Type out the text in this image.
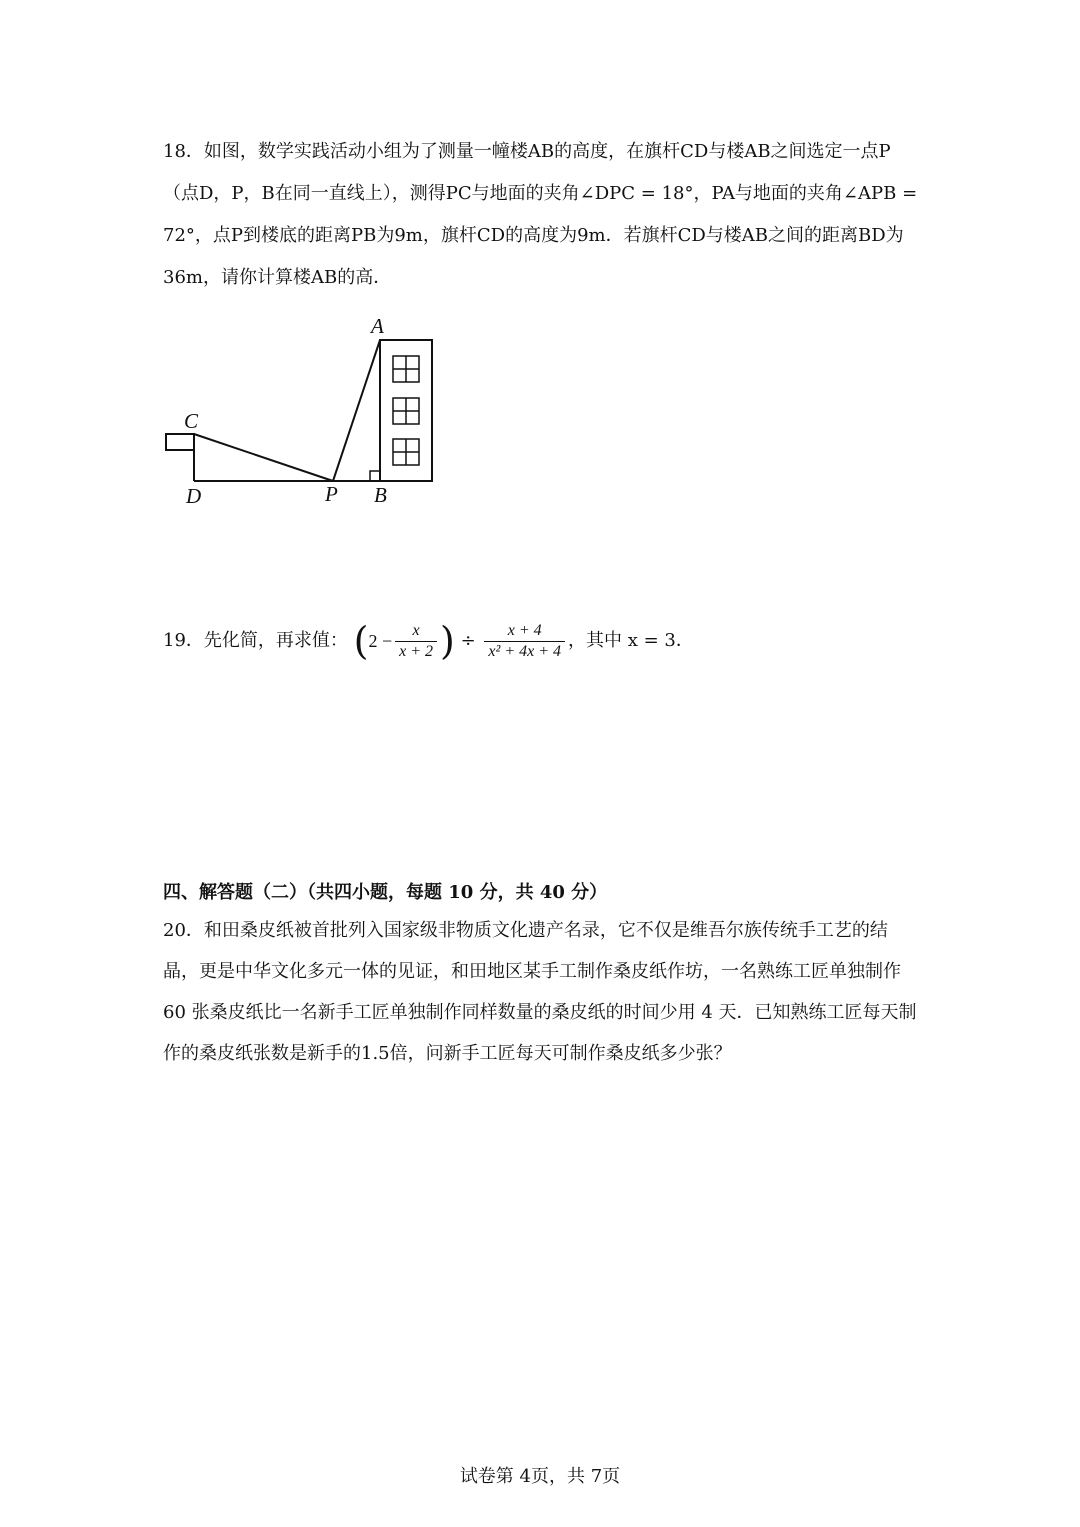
18．如图，数学实践活动小组为了测量一幢楼AB的高度，在旗杆CD与楼AB之间选定一点P（点D，P，B在同一直线上），测得PC与地面的夹角∠DPC = 18°，PA与地面的夹角∠APB = 72°，点P到楼底的距离PB为9m，旗杆CD的高度为9m．若旗杆CD与楼AB之间的距离BD为36m，请你计算楼AB的高．

A
C
D	P B

19．先化简，再求值： ($2 - \frac{x}{x + 2}$ ) ÷ $\frac{x + 4}{\text{x² + 4x + 4}}$ ，其中 x = 3．

四、解答题（二）（共四小题，每题 10 分，共 40 分）

20．和田桑皮纸被首批列入国家级非物质文化遗产名录，它不仅是维吾尔族传统手工艺的结晶，更是中华文化多元一体的见证，和田地区某手工制作桑皮纸作坊，一名熟练工匠单独制作 60 张桑皮纸比一名新手工匠单独制作同样数量的桑皮纸的时间少用 4 天．已知熟练工匠每天制作的桑皮纸张数是新手的1.5倍，问新手工匠每天可制作桑皮纸多少张？

试卷第 4页，共 7页
